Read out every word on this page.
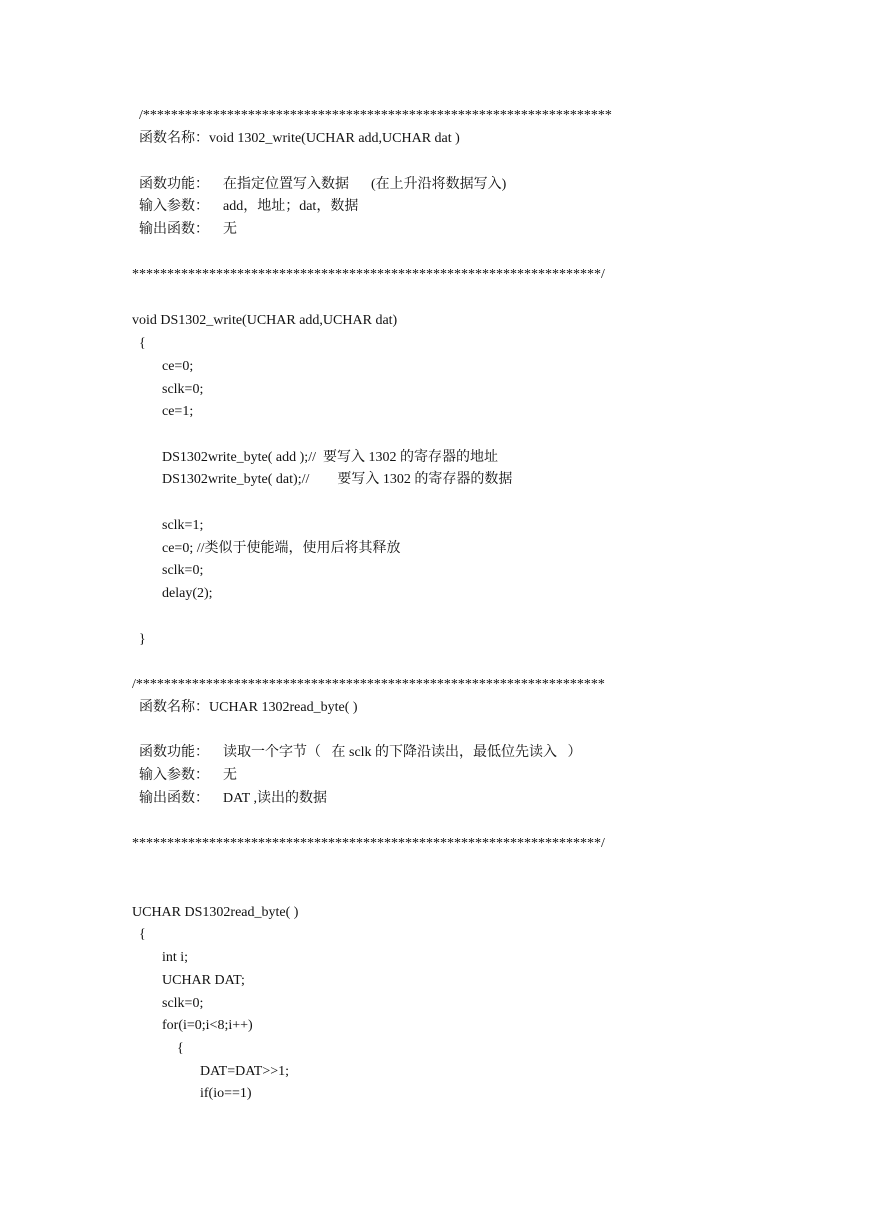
/*******************************************************************
函数名称：void 1302_write(UCHAR add,UCHAR dat )
函数功能： 在指定位置写入数据 (在上升沿将数据写入)
输入参数： add，地址；dat，数据
输出函数： 无
*******************************************************************/
void DS1302_write(UCHAR add,UCHAR dat)
{
ce=0;
sclk=0;
ce=1;
DS1302write_byte( add );//  要写入 1302 的寄存器的地址
DS1302write_byte( dat);//        要写入 1302 的寄存器的数据
sclk=1;
ce=0; //类似于使能端，使用后将其释放
sclk=0;
delay(2);
}
/*******************************************************************
函数名称：UCHAR 1302read_byte( )
函数功能： 读取一个字节（   在 sclk 的下降沿读出，最低位先读入   ）
输入参数： 无
输出函数： DAT ,读出的数据
*******************************************************************/
UCHAR DS1302read_byte( )
{
int i;
UCHAR DAT;
sclk=0;
for(i=0;i<8;i++)
{
DAT=DAT>>1;
if(io==1)
